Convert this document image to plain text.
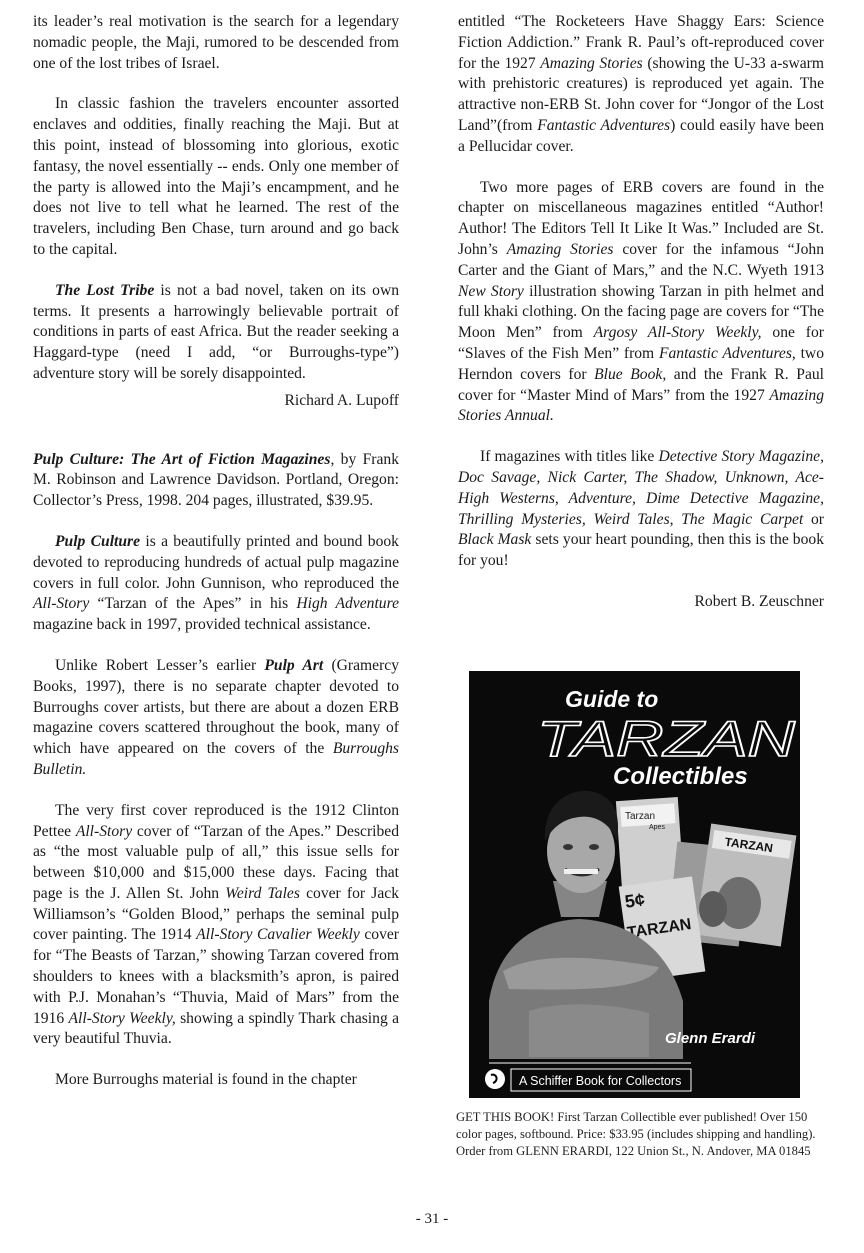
its leader’s real motivation is the search for a legendary nomadic people, the Maji, rumored to be descended from one of the lost tribes of Israel.

In classic fashion the travelers encounter assorted enclaves and oddities, finally reaching the Maji. But at this point, instead of blossoming into glorious, exotic fantasy, the novel essentially -- ends. Only one member of the party is allowed into the Maji’s encampment, and he does not live to tell what he learned. The rest of the travelers, including Ben Chase, turn around and go back to the capital.

The Lost Tribe is not a bad novel, taken on its own terms. It presents a harrowingly believable portrait of conditions in parts of east Africa. But the reader seeking a Haggard-type (need I add, “or Burroughs-type”) adventure story will be sorely disappointed.

Richard A. Lupoff

Pulp Culture: The Art of Fiction Magazines, by Frank M. Robinson and Lawrence Davidson. Portland, Oregon: Collector’s Press, 1998. 204 pages, illustrated, $39.95.

Pulp Culture is a beautifully printed and bound book devoted to reproducing hundreds of actual pulp magazine covers in full color. John Gunnison, who reproduced the All-Story “Tarzan of the Apes” in his High Adventure magazine back in 1997, provided technical assistance.

Unlike Robert Lesser’s earlier Pulp Art (Gramercy Books, 1997), there is no separate chapter devoted to Burroughs cover artists, but there are about a dozen ERB magazine covers scattered throughout the book, many of which have appeared on the covers of the Burroughs Bulletin.

The very first cover reproduced is the 1912 Clinton Pettee All-Story cover of “Tarzan of the Apes.” Described as “the most valuable pulp of all,” this issue sells for between $10,000 and $15,000 these days. Facing that page is the J. Allen St. John Weird Tales cover for Jack Williamson’s “Golden Blood,” perhaps the seminal pulp cover painting. The 1914 All-Story Cavalier Weekly cover for “The Beasts of Tarzan,” showing Tarzan covered from shoulders to knees with a blacksmith’s apron, is paired with P.J. Monahan’s “Thuvia, Maid of Mars” from the 1916 All-Story Weekly, showing a spindly Thark chasing a very beautiful Thuvia.

More Burroughs material is found in the chapter

entitled “The Rocketeers Have Shaggy Ears: Science Fiction Addiction.” Frank R. Paul’s oft-reproduced cover for the 1927 Amazing Stories (showing the U-33 a-swarm with prehistoric creatures) is reproduced yet again. The attractive non-ERB St. John cover for “Jongor of the Lost Land”(from Fantastic Adventures) could easily have been a Pellucidar cover.

Two more pages of ERB covers are found in the chapter on miscellaneous magazines entitled “Author! Author! The Editors Tell It Like It Was.” Included are St. John’s Amazing Stories cover for the infamous “John Carter and the Giant of Mars,” and the N.C. Wyeth 1913 New Story illustration showing Tarzan in pith helmet and full khaki clothing. On the facing page are covers for “The Moon Men” from Argosy All-Story Weekly, one for “Slaves of the Fish Men” from Fantastic Adventures, two Herndon covers for Blue Book, and the Frank R. Paul cover for “Master Mind of Mars” from the 1927 Amazing Stories Annual.

If magazines with titles like Detective Story Magazine, Doc Savage, Nick Carter, The Shadow, Unknown, Ace-High Westerns, Adventure, Dime Detective Magazine, Thrilling Mysteries, Weird Tales, The Magic Carpet or Black Mask sets your heart pounding, then this is the book for you!

Robert B. Zeuschner

Guide to
TARZAN
Collectibles
Tarzan
Apes
TARZAN
5¢
TARZAN
Glenn Erardi
A Schiffer Book for Collectors
GET THIS BOOK! First Tarzan Collectible ever published! Over 150 color pages, softbound. Price: $33.95 (includes shipping and handling). Order from GLENN ERARDI, 122 Union St., N. Andover, MA 01845
- 31 -
